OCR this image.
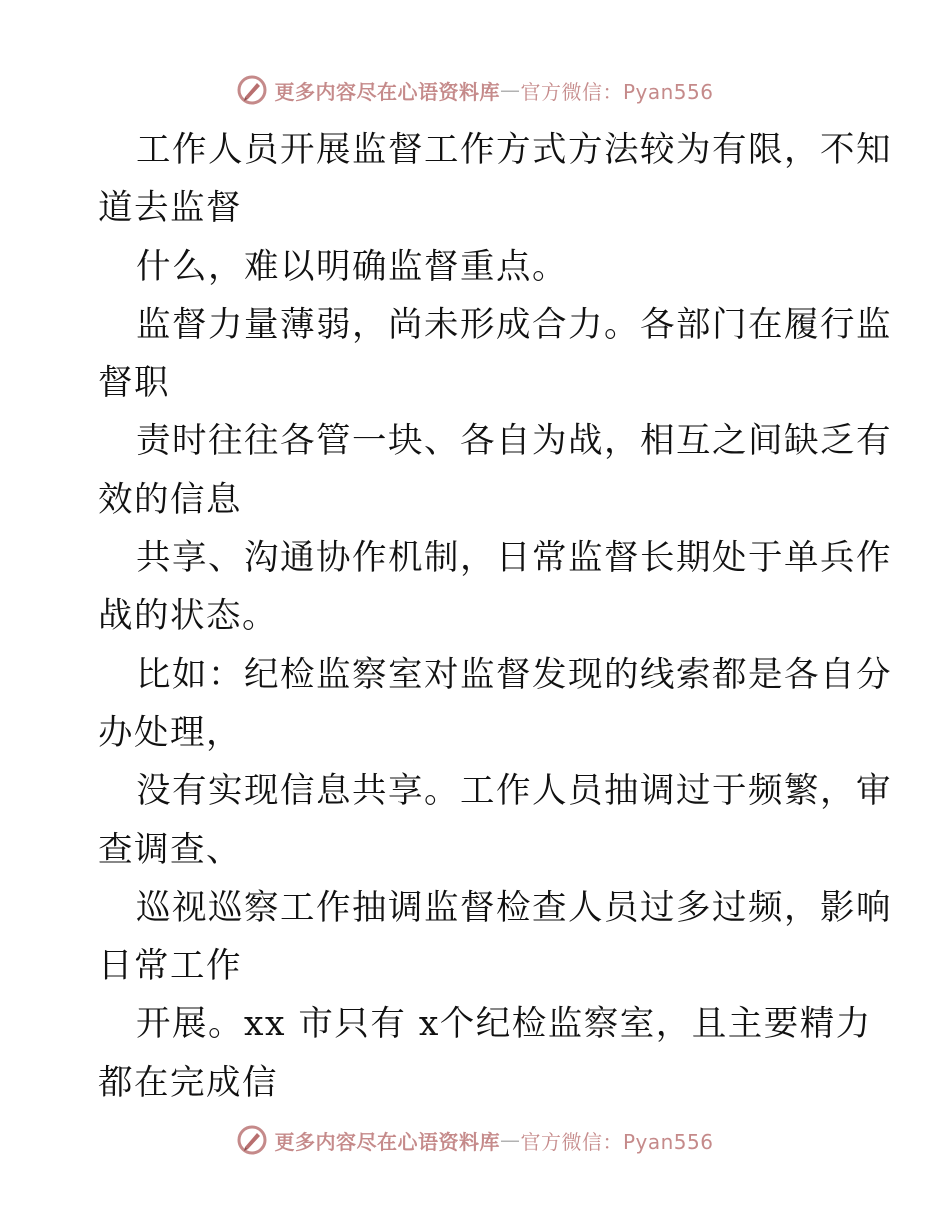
更多内容尽在心语资料库 — 官方微信：Pyan556
工作人员开展监督工作方式方法较为有限，不知
道去监督
什么，难以明确监督重点。
监督力量薄弱，尚未形成合力。各部门在履行监
督职
责时往往各管一块、各自为战，相互之间缺乏有
效的信息
共享、沟通协作机制，日常监督长期处于单兵作
战的状态。
比如：纪检监察室对监督发现的线索都是各自分
办处理，
没有实现信息共享。工作人员抽调过于频繁，审
查调查、
巡视巡察工作抽调监督检查人员过多过频，影响
日常工作
开展。xx 市只有 x个纪检监察室，且主要精力
都在完成信
更多内容尽在心语资料库 — 官方微信：Pyan556
